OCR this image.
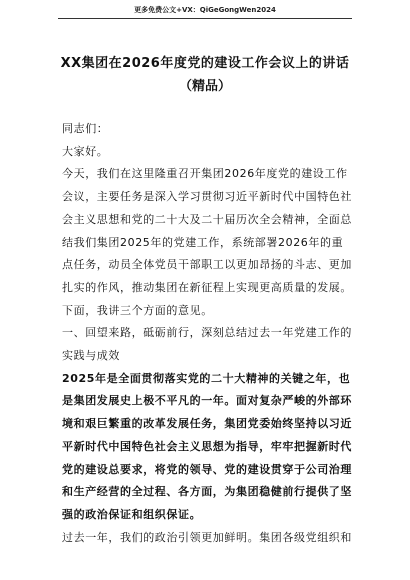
更多免费公文+VX：QiGeGongWen2024
XX集团在2026年度党的建设工作会议上的讲话
（精品）

同志们：

大家好。

今天，我们在这里隆重召开集团2026年度党的建设工作会议，主要任务是深入学习贯彻习近平新时代中国特色社会主义思想和党的二十大及二十届历次全会精神，全面总结我们集团2025年的党建工作，系统部署2026年的重点任务，动员全体党员干部职工以更加昂扬的斗志、更加扎实的作风，推动集团在新征程上实现更高质量的发展。下面，我讲三个方面的意见。

一、回望来路，砥砺前行，深刻总结过去一年党建工作的实践与成效

2025年是全面贯彻落实党的二十大精神的关键之年，也是集团发展史上极不平凡的一年。面对复杂严峻的外部环境和艰巨繁重的改革发展任务，集团党委始终坚持以习近平新时代中国特色社会主义思想为指导，牢牢把握新时代党的建设总要求，将党的领导、党的建设贯穿于公司治理和生产经营的全过程、各方面，为集团稳健前行提供了坚强的政治保证和组织保证。

过去一年，我们的政治引领更加鲜明。集团各级党组织和
